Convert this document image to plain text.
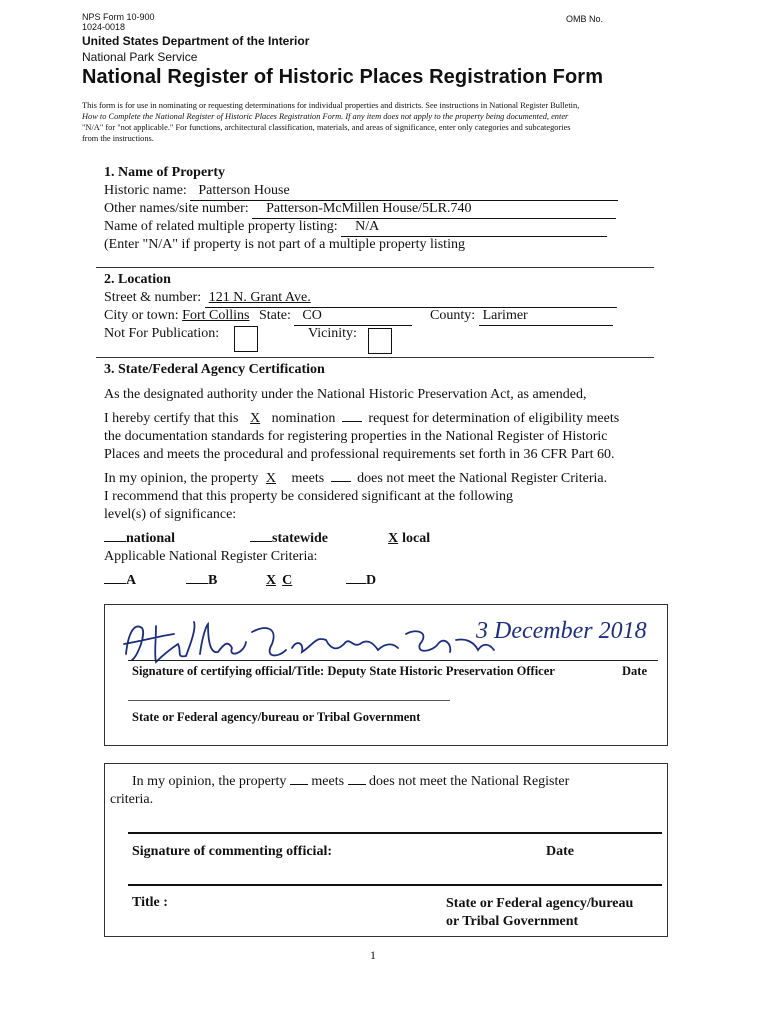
NPS Form 10-900
1024-0018
OMB No.
United States Department of the Interior
National Park Service
National Register of Historic Places Registration Form
This form is for use in nominating or requesting determinations for individual properties and districts. See instructions in National Register Bulletin,
How to Complete the National Register of Historic Places Registration Form. If any item does not apply to the property being documented, enter
"N/A" for "not applicable." For functions, architectural classification, materials, and areas of significance, enter only categories and subcategories
from the instructions.
1. Name of Property
Historic name: Patterson House
Other names/site number: Patterson-McMillen House/5LR.740
Name of related multiple property listing: N/A
(Enter "N/A" if property is not part of a multiple property listing
2. Location
Street & number: 121 N. Grant Ave.
City or town: Fort Collins State: CO	County: Larimer
Not For Publication:	Vicinity:
3. State/Federal Agency Certification
As the designated authority under the National Historic Preservation Act, as amended,
I hereby certify that this X nomination request for determination of eligibility meets
the documentation standards for registering properties in the National Register of Historic
Places and meets the procedural and professional requirements set forth in 36 CFR Part 60.
In my opinion, the property X meets does not meet the National Register Criteria.
I recommend that this property be considered significant at the following
level(s) of significance:
national	statewide	X local
Applicable National Register Criteria:
A	B	X C	D
3 December 2018
Signature of certifying official/Title: Deputy State Historic Preservation Officer	Date
State or Federal agency/bureau or Tribal Government
In my opinion, the property meets does not meet the National Register
criteria.
Signature of commenting official:	Date
Title :	State or Federal agency/bureau
or Tribal Government
1
